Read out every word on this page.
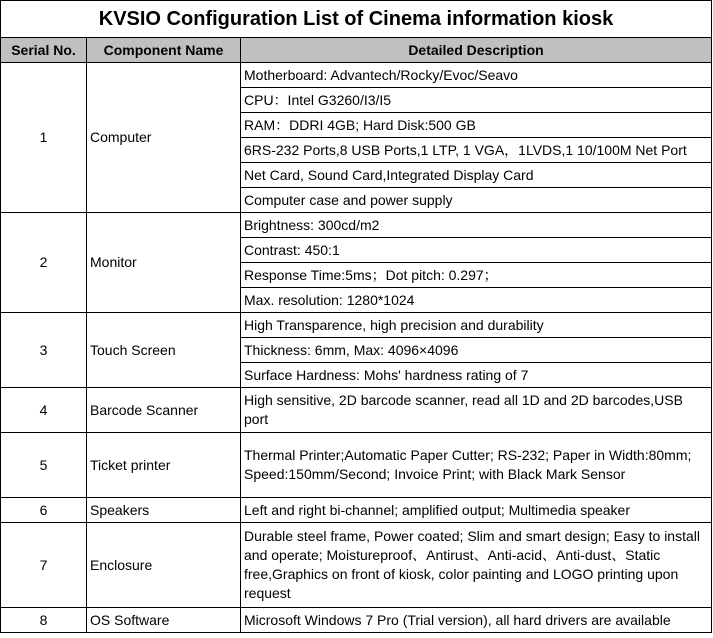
KVSIO Configuration List of Cinema information kiosk		
Serial No.	Component Name	Detailed Description
1	Computer	Motherboard: Advantech/Rocky/Evoc/Seavo
		CPU：Intel G3260/I3/I5
		RAM：DDRI 4GB; Hard Disk:500 GB
		6RS-232 Ports,8 USB Ports,1 LTP, 1 VGA，1LVDS,1 10/100M Net Port
		Net Card, Sound Card,Integrated Display Card
		Computer case and power supply
2	Monitor	Brightness: 300cd/m2
		Contrast: 450:1
		Response Time:5ms；Dot pitch: 0.297；
		Max. resolution: 1280*1024
3	Touch Screen	High Transparence, high precision and durability
		Thickness: 6mm, Max: 4096×4096
		Surface Hardness: Mohs' hardness rating of 7
4	Barcode Scanner	High sensitive, 2D barcode scanner, read all 1D and 2D barcodes,USB port
5	Ticket printer	Thermal Printer;Automatic Paper Cutter; RS-232; Paper in Width:80mm; Speed:150mm/Second; Invoice Print; with Black Mark Sensor
6	Speakers	Left and right bi-channel; amplified output; Multimedia speaker
7	Enclosure	Durable steel frame, Power coated; Slim and smart design; Easy to install and operate; Moistureproof、Antirust、Anti-acid、Anti-dust、Static free,Graphics on front of kiosk, color painting and LOGO printing upon request
8	OS Software	Microsoft Windows 7 Pro (Trial version), all hard drivers are available
